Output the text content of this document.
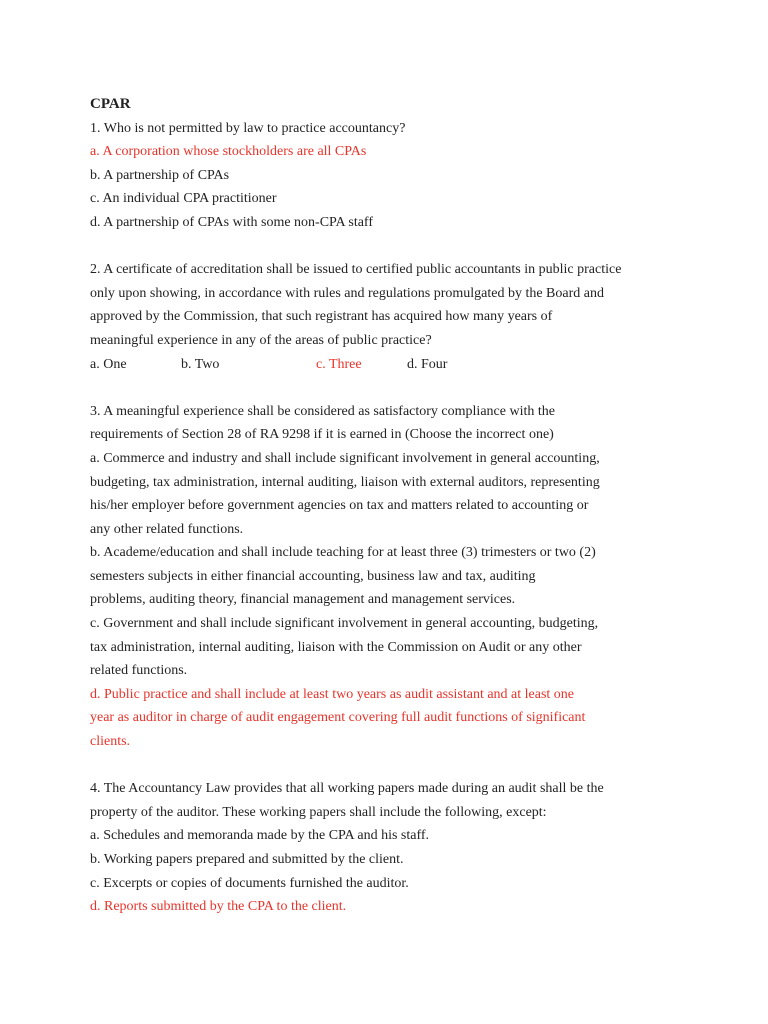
CPAR
1. Who is not permitted by law to practice accountancy?
a. A corporation whose stockholders are all CPAs
b. A partnership of CPAs
c. An individual CPA practitioner
d. A partnership of CPAs with some non-CPA staff
2. A certificate of accreditation shall be issued to certified public accountants in public practice
only upon showing, in accordance with rules and regulations promulgated by the Board and
approved by the Commission, that such registrant has acquired how many years of
meaningful experience in any of the areas of public practice?
a. One	b. Two	c. Three	d. Four
3. A meaningful experience shall be considered as satisfactory compliance with the
requirements of Section 28 of RA 9298 if it is earned in (Choose the incorrect one)
a. Commerce and industry and shall include significant involvement in general accounting,
budgeting, tax administration, internal auditing, liaison with external auditors, representing
his/her employer before government agencies on tax and matters related to accounting or
any other related functions.
b. Academe/education and shall include teaching for at least three (3) trimesters or two (2)
semesters subjects in either financial accounting, business law and tax, auditing
problems, auditing theory, financial management and management services.
c. Government and shall include significant involvement in general accounting, budgeting,
tax administration, internal auditing, liaison with the Commission on Audit or any other
related functions.
d. Public practice and shall include at least two years as audit assistant and at least one
year as auditor in charge of audit engagement covering full audit functions of significant
clients.
4. The Accountancy Law provides that all working papers made during an audit shall be the
property of the auditor. These working papers shall include the following, except:
a. Schedules and memoranda made by the CPA and his staff.
b. Working papers prepared and submitted by the client.
c. Excerpts or copies of documents furnished the auditor.
d. Reports submitted by the CPA to the client.
